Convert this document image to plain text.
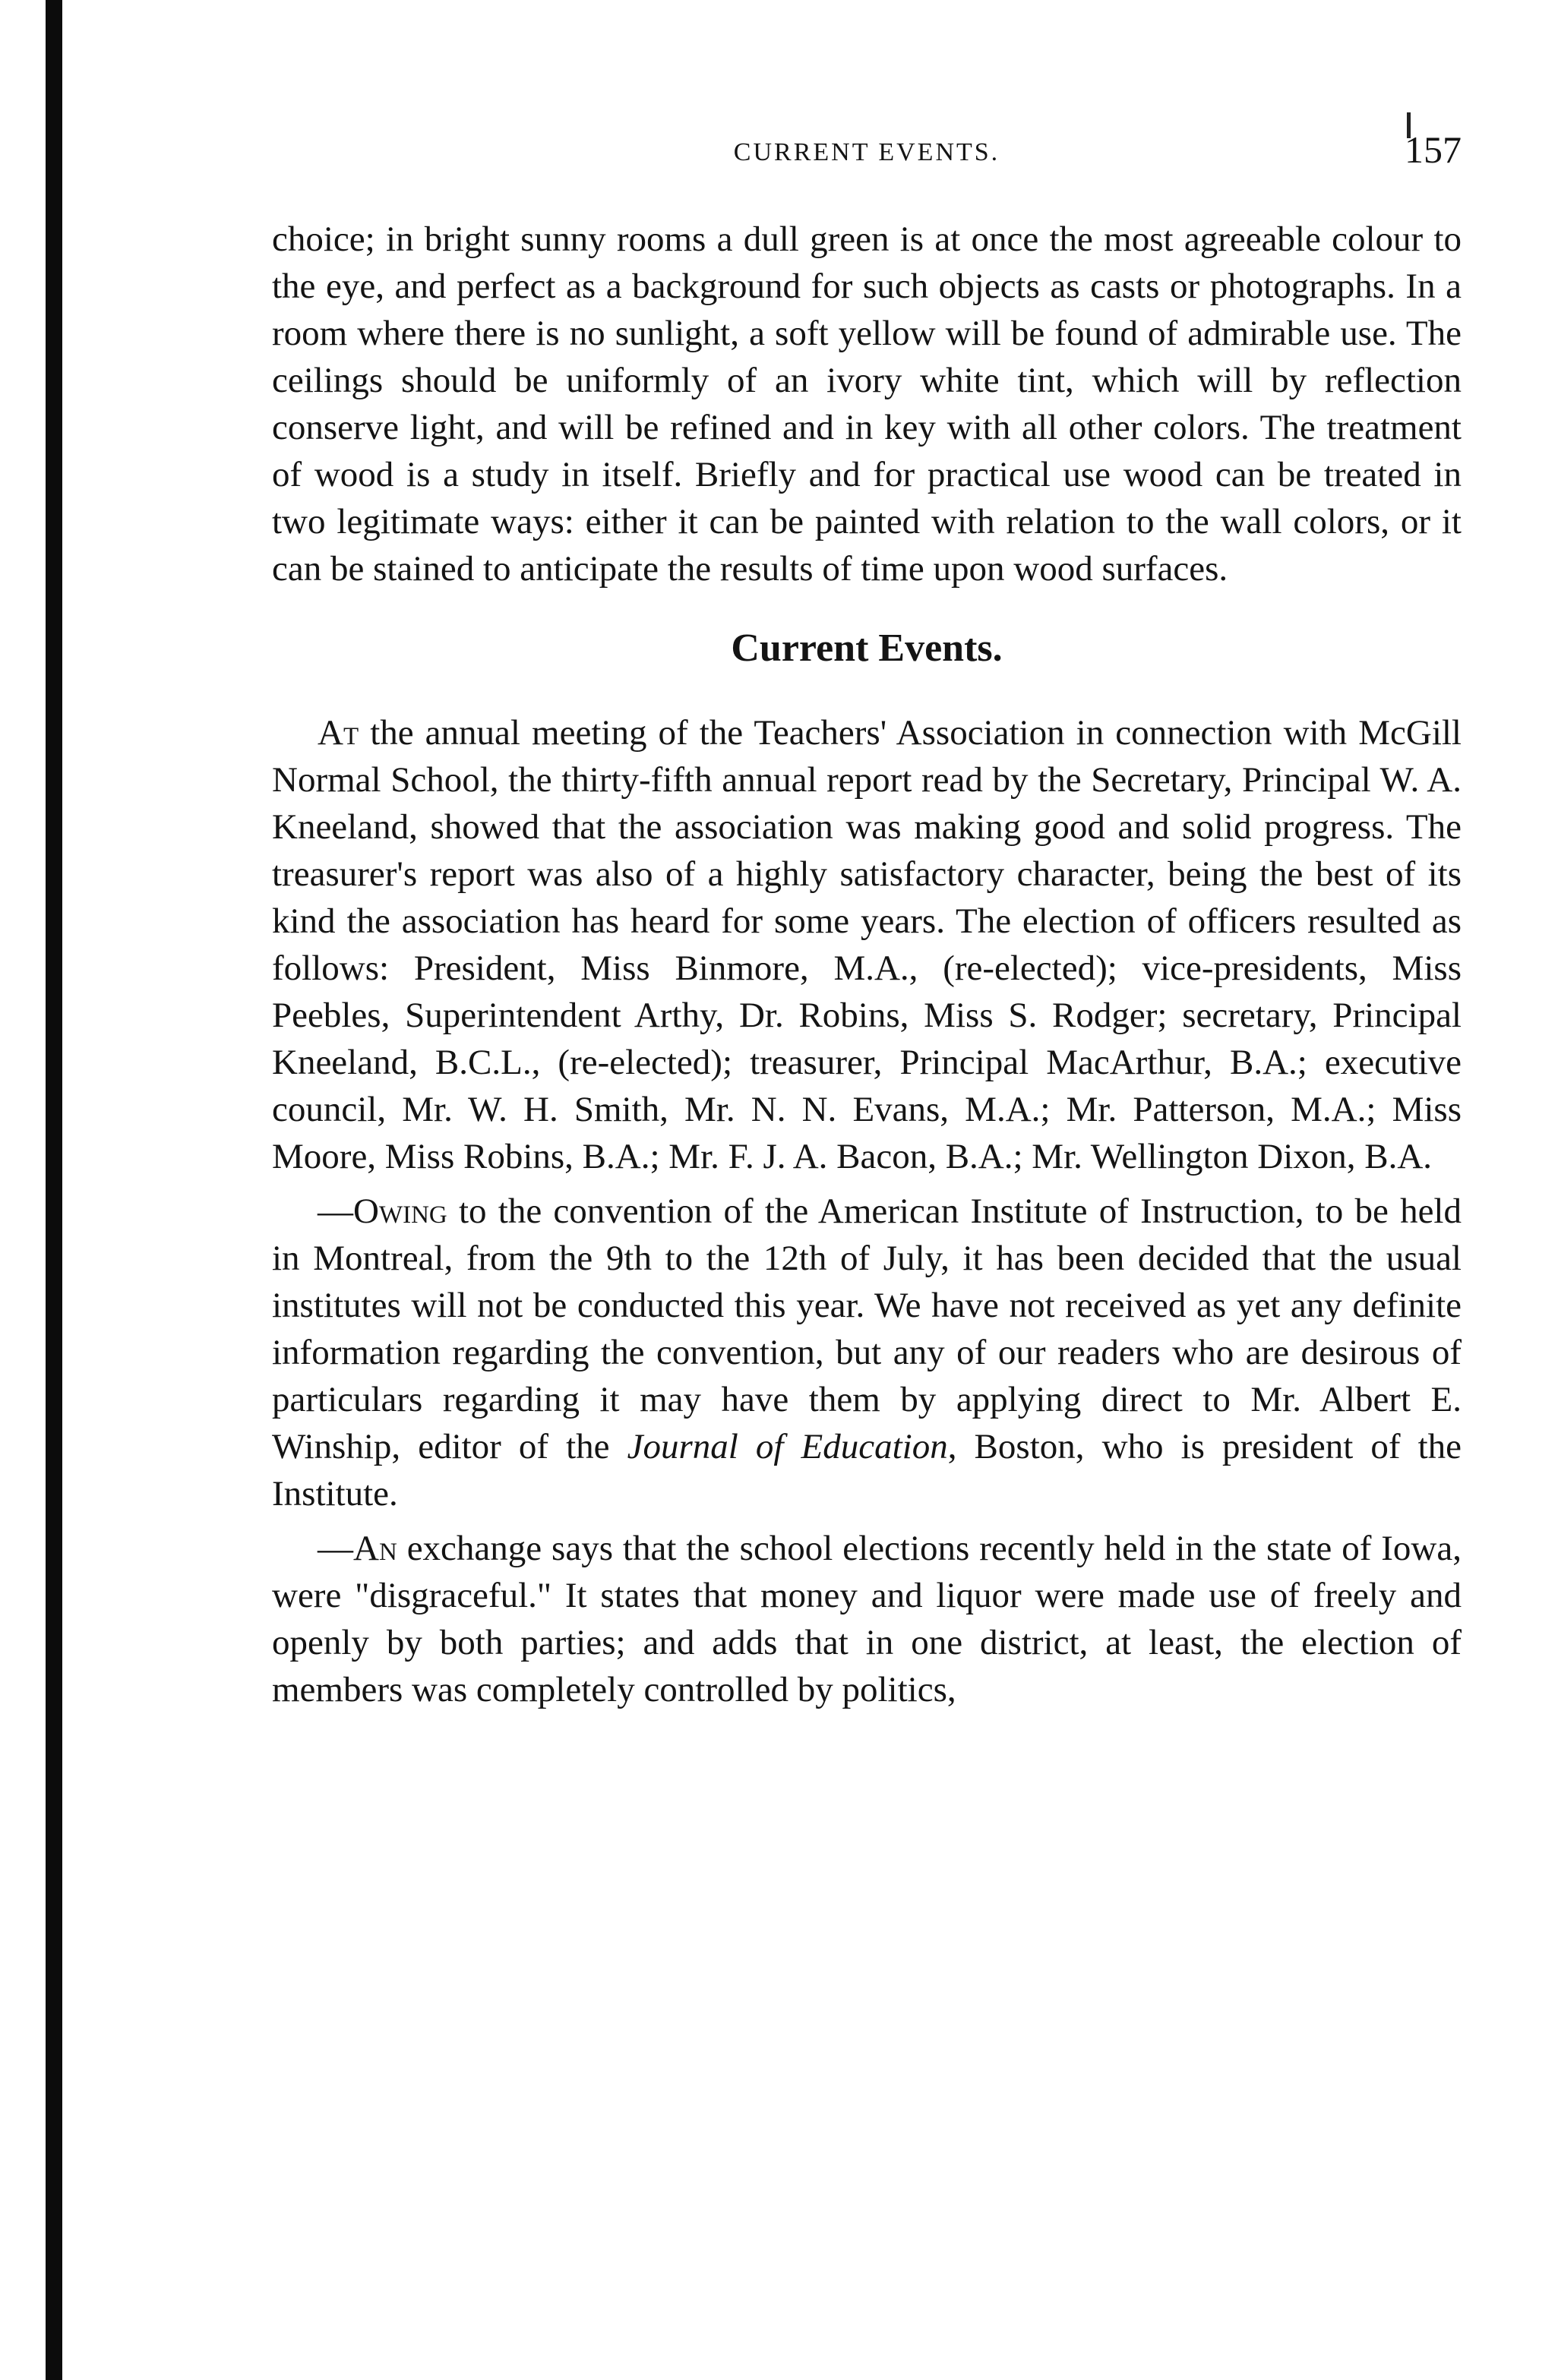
CURRENT EVENTS.	157

choice; in bright sunny rooms a dull green is at once the most agreeable colour to the eye, and perfect as a background for such objects as casts or photographs. In a room where there is no sunlight, a soft yellow will be found of admirable use. The ceilings should be uniformly of an ivory white tint, which will by reflection conserve light, and will be refined and in key with all other colors. The treatment of wood is a study in itself. Briefly and for practical use wood can be treated in two legitimate ways: either it can be painted with relation to the wall colors, or it can be stained to anticipate the results of time upon wood surfaces.

Current Events.

At the annual meeting of the Teachers' Association in connection with McGill Normal School, the thirty-fifth annual report read by the Secretary, Principal W. A. Kneeland, showed that the association was making good and solid progress. The treasurer's report was also of a highly satisfactory character, being the best of its kind the association has heard for some years. The election of officers resulted as follows: President, Miss Binmore, M.A., (re-elected); vice-presidents, Miss Peebles, Superintendent Arthy, Dr. Robins, Miss S. Rodger; secretary, Principal Kneeland, B.C.L., (re-elected); treasurer, Principal MacArthur, B.A.; executive council, Mr. W. H. Smith, Mr. N. N. Evans, M.A.; Mr. Patterson, M.A.; Miss Moore, Miss Robins, B.A.; Mr. F. J. A. Bacon, B.A.; Mr. Wellington Dixon, B.A.

—Owing to the convention of the American Institute of Instruction, to be held in Montreal, from the 9th to the 12th of July, it has been decided that the usual institutes will not be conducted this year. We have not received as yet any definite information regarding the convention, but any of our readers who are desirous of particulars regarding it may have them by applying direct to Mr. Albert E. Winship, editor of the Journal of Education, Boston, who is president of the Institute.

—An exchange says that the school elections recently held in the state of Iowa, were "disgraceful." It states that money and liquor were made use of freely and openly by both parties; and adds that in one district, at least, the election of members was completely controlled by politics,
